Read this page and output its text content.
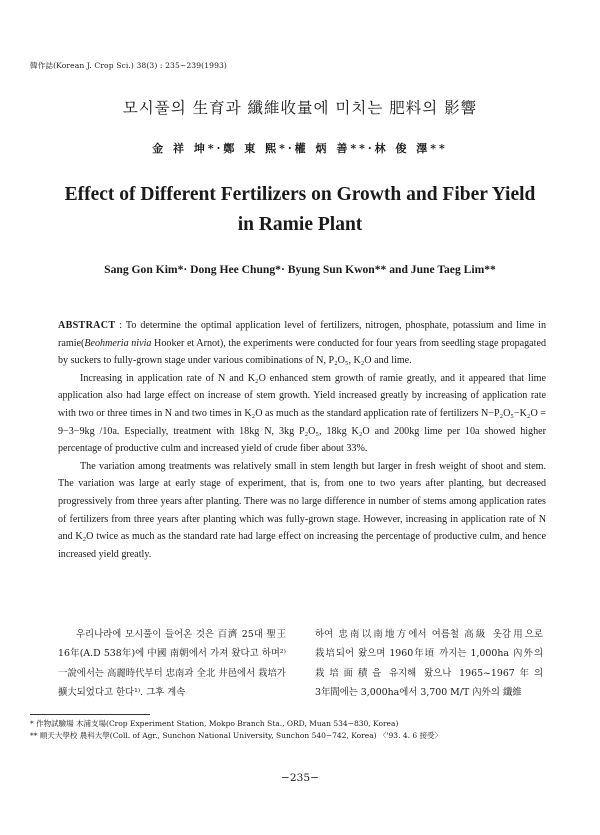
韓作誌(Korean J. Crop Sci.) 38(3) : 235~239(1993)
모시풀의 生育과 纖維收量에 미치는 肥料의 影響
金 祥 坤*·鄭 東 熙*·權 炳 善**·林 俊 澤**
Effect of Different Fertilizers on Growth and Fiber Yield in Ramie Plant
Sang Gon Kim*· Dong Hee Chung*· Byung Sun Kwon** and June Taeg Lim**

ABSTRACT : To determine the optimal application level of fertilizers, nitrogen, phosphate, potassium and lime in ramie(Beohmeria nivia Hooker et Arnot), the experiments were conducted for four years from seedling stage propagated by suckers to fully-grown stage under various comibinations of N, P₂O₅, K₂O and lime.

Increasing in application rate of N and K₂O enhanced stem growth of ramie greatly, and it appeared that lime application also had large effect on increase of stem growth. Yield increased greatly by increasing of application rate with two or three times in N and two times in K₂O as much as the standard application rate of fertilizers N−P₂O₅−K₂O = 9−3−9kg /10a. Especially, treatment with 18kg N, 3kg P₂O₅, 18kg K₂O and 200kg lime per 10a showed higher percentage of productive culm and increased yield of crude fiber about 33%.

The variation among treatments was relatively small in stem length but larger in fresh weight of shoot and stem. The variation was large at early stage of experiment, that is, from one to two years after planting, but decreased progressively from three years after planting. There was no large difference in number of stems among application rates of fertilizers from three years after planting which was fully-grown stage. However, increasing in application rate of N and K₂O twice as much as the standard rate had large effect on increasing the percentage of productive culm, and hence increased yield greatly.

우리나라에 모시풀이 들어온 것은 百濟 25대 聖王 16年(A.D 538年)에 中國 南朝에서 가져 왔다고 하며²⁾ 一說에서는 高麗時代부터 忠南과 全北 井邑에서 栽培가 擴大되었다고 한다¹⁾. 그후 계속
하여 忠南以南地方에서 여름철 高級 옷감用으로 栽培되어 왔으며 1960年頃 까지는 1,000ha 內外의 栽培面積을 유지해 왔으나 1965~1967年의 3年間에는 3,000ha에서 3,700 M/T 內外의 纖維
* 作物試驗場 木浦支場(Crop Experiment Station, Mokpo Branch Sta., ORD, Muan 534−830, Korea)
** 順天大學校 農科大學(Coll. of Agr., Sunchon National University, Sunchon 540−742, Korea) 〈'93. 4. 6 接受〉
−235−
